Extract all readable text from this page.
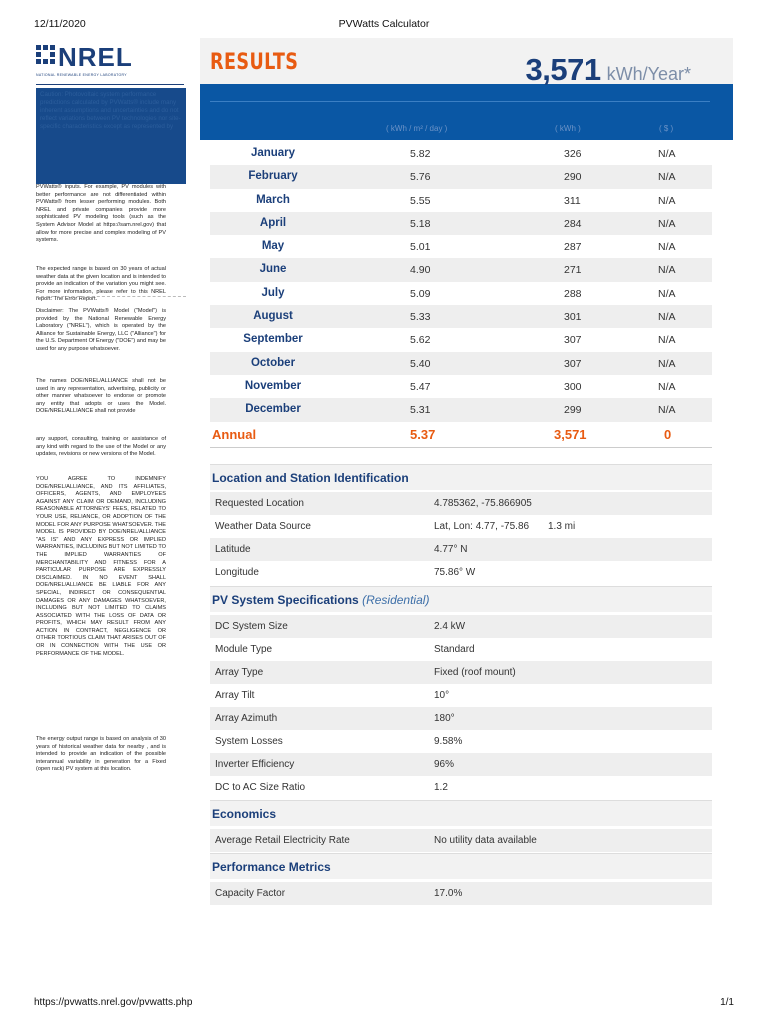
12/11/2020	PVWatts Calculator
NREL
NATIONAL RENEWABLE ENERGY LABORATORY

Caution: Photovoltaic system performance predictions calculated by PVWatts® include many inherent assumptions and uncertainties and do not reflect variations between PV technologies nor site-specific characteristics except as represented by

PVWatts® inputs. For example, PV modules with better performance are not differentiated within PVWatts® from lesser performing modules. Both NREL and private companies provide more sophisticated PV modeling tools (such as the System Advisor Model at https://sam.nrel.gov) that allow for more precise and complex modeling of PV systems.
The expected range is based on 30 years of actual weather data at the given location and is intended to provide an indication of the variation you might see. For more information, please refer to this NREL report: The Error Report.
Disclaimer: The PVWatts® Model ("Model") is provided by the National Renewable Energy Laboratory ("NREL"), which is operated by the Alliance for Sustainable Energy, LLC ("Alliance") for the U.S. Department Of Energy ("DOE") and may be used for any purpose whatsoever.
The names DOE/NREL/ALLIANCE shall not be used in any representation, advertising, publicity or other manner whatsoever to endorse or promote any entity that adopts or uses the Model. DOE/NREL/ALLIANCE shall not provide
any support, consulting, training or assistance of any kind with regard to the use of the Model or any updates, revisions or new versions of the Model.
YOU AGREE TO INDEMNIFY DOE/NREL/ALLIANCE, AND ITS AFFILIATES, OFFICERS, AGENTS, AND EMPLOYEES AGAINST ANY CLAIM OR DEMAND, INCLUDING REASONABLE ATTORNEYS' FEES, RELATED TO YOUR USE, RELIANCE, OR ADOPTION OF THE MODEL FOR ANY PURPOSE WHATSOEVER. THE MODEL IS PROVIDED BY DOE/NREL/ALLIANCE "AS IS" AND ANY EXPRESS OR IMPLIED WARRANTIES, INCLUDING BUT NOT LIMITED TO THE IMPLIED WARRANTIES OF MERCHANTABILITY AND FITNESS FOR A PARTICULAR PURPOSE ARE EXPRESSLY DISCLAIMED. IN NO EVENT SHALL DOE/NREL/ALLIANCE BE LIABLE FOR ANY SPECIAL, INDIRECT OR CONSEQUENTIAL DAMAGES OR ANY DAMAGES WHATSOEVER, INCLUDING BUT NOT LIMITED TO CLAIMS ASSOCIATED WITH THE LOSS OF DATA OR PROFITS, WHICH MAY RESULT FROM ANY ACTION IN CONTRACT, NEGLIGENCE OR OTHER TORTIOUS CLAIM THAT ARISES OUT OF OR IN CONNECTION WITH THE USE OR PERFORMANCE OF THE MODEL.
The energy output range is based on analysis of 30 years of historical weather data for nearby , and is intended to provide an indication of the possible interannual variability in generation for a Fixed (open rack) PV system at this location.
RESULTS
( kWh / m² / day )	( kWh )	( $ )
3,571 kWh/Year*
January	5.82	326	N/A
February	5.76	290	N/A
March	5.55	311	N/A
April	5.18	284	N/A
May	5.01	287	N/A
June	4.90	271	N/A
July	5.09	288	N/A
August	5.33	301	N/A
September	5.62	307	N/A
October	5.40	307	N/A
November	5.47	300	N/A
December	5.31	299	N/A
Annual	5.37	3,571	0
Location and Station Identification
Requested Location	4.785362, -75.866905
Weather Data Source	Lat, Lon: 4.77, -75.86 1.3 mi
Latitude	4.77° N
Longitude	75.86° W
PV System Specifications (Residential)
DC System Size	2.4 kW
Module Type	Standard
Array Type	Fixed (roof mount)
Array Tilt	10°
Array Azimuth	180°
System Losses	9.58%
Inverter Efficiency	96%
DC to AC Size Ratio	1.2
Economics
Average Retail Electricity Rate	No utility data available
Performance Metrics
Capacity Factor	17.0%
https://pvwatts.nrel.gov/pvwatts.php	1/1
